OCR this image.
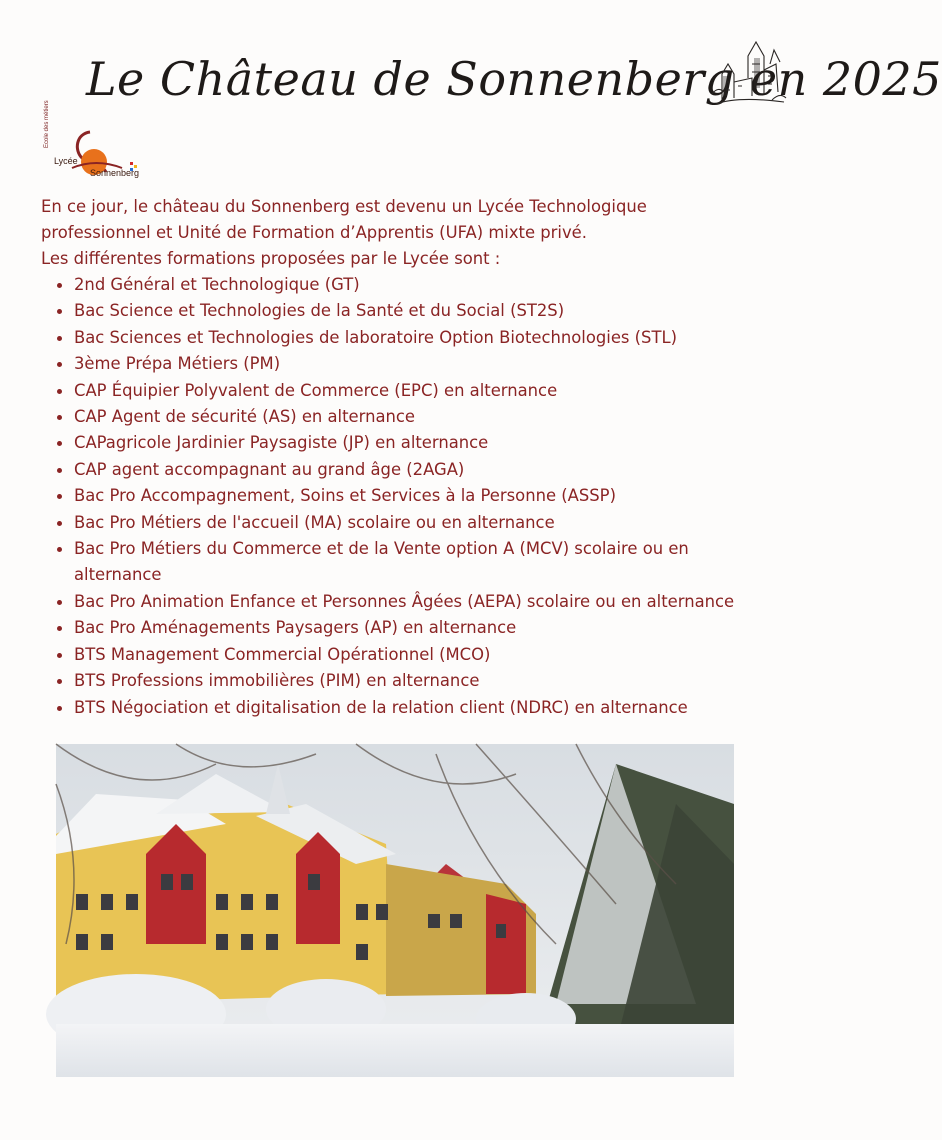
Le Château de Sonnenberg en 2025
Ecole des métiers
Lycée
Sonnenberg

En ce jour, le château du Sonnenberg est devenu un Lycée Technologique

professionnel et Unité de Formation d’Apprentis (UFA) mixte privé.

Les différentes formations proposées par le Lycée sont :

2nd Général et Technologique (GT)
Bac Science et Technologies de la Santé et du Social (ST2S)
Bac Sciences et Technologies de laboratoire Option Biotechnologies (STL)
3ème Prépa Métiers (PM)
CAP Équipier Polyvalent de Commerce (EPC) en alternance
CAP Agent de sécurité (AS) en alternance
CAPagricole Jardinier Paysagiste (JP) en alternance
CAP agent accompagnant au grand âge (2AGA)
Bac Pro Accompagnement, Soins et Services à la Personne (ASSP)
Bac Pro Métiers de l'accueil (MA) scolaire ou en alternance
Bac Pro Métiers du Commerce et de la Vente option A (MCV) scolaire ou en alternance
Bac Pro Animation Enfance et Personnes Âgées (AEPA) scolaire ou en alternance
Bac Pro Aménagements Paysagers (AP) en alternance
BTS Management Commercial Opérationnel (MCO)
BTS Professions immobilières (PIM) en alternance
BTS Négociation et digitalisation de la relation client (NDRC) en alternance
